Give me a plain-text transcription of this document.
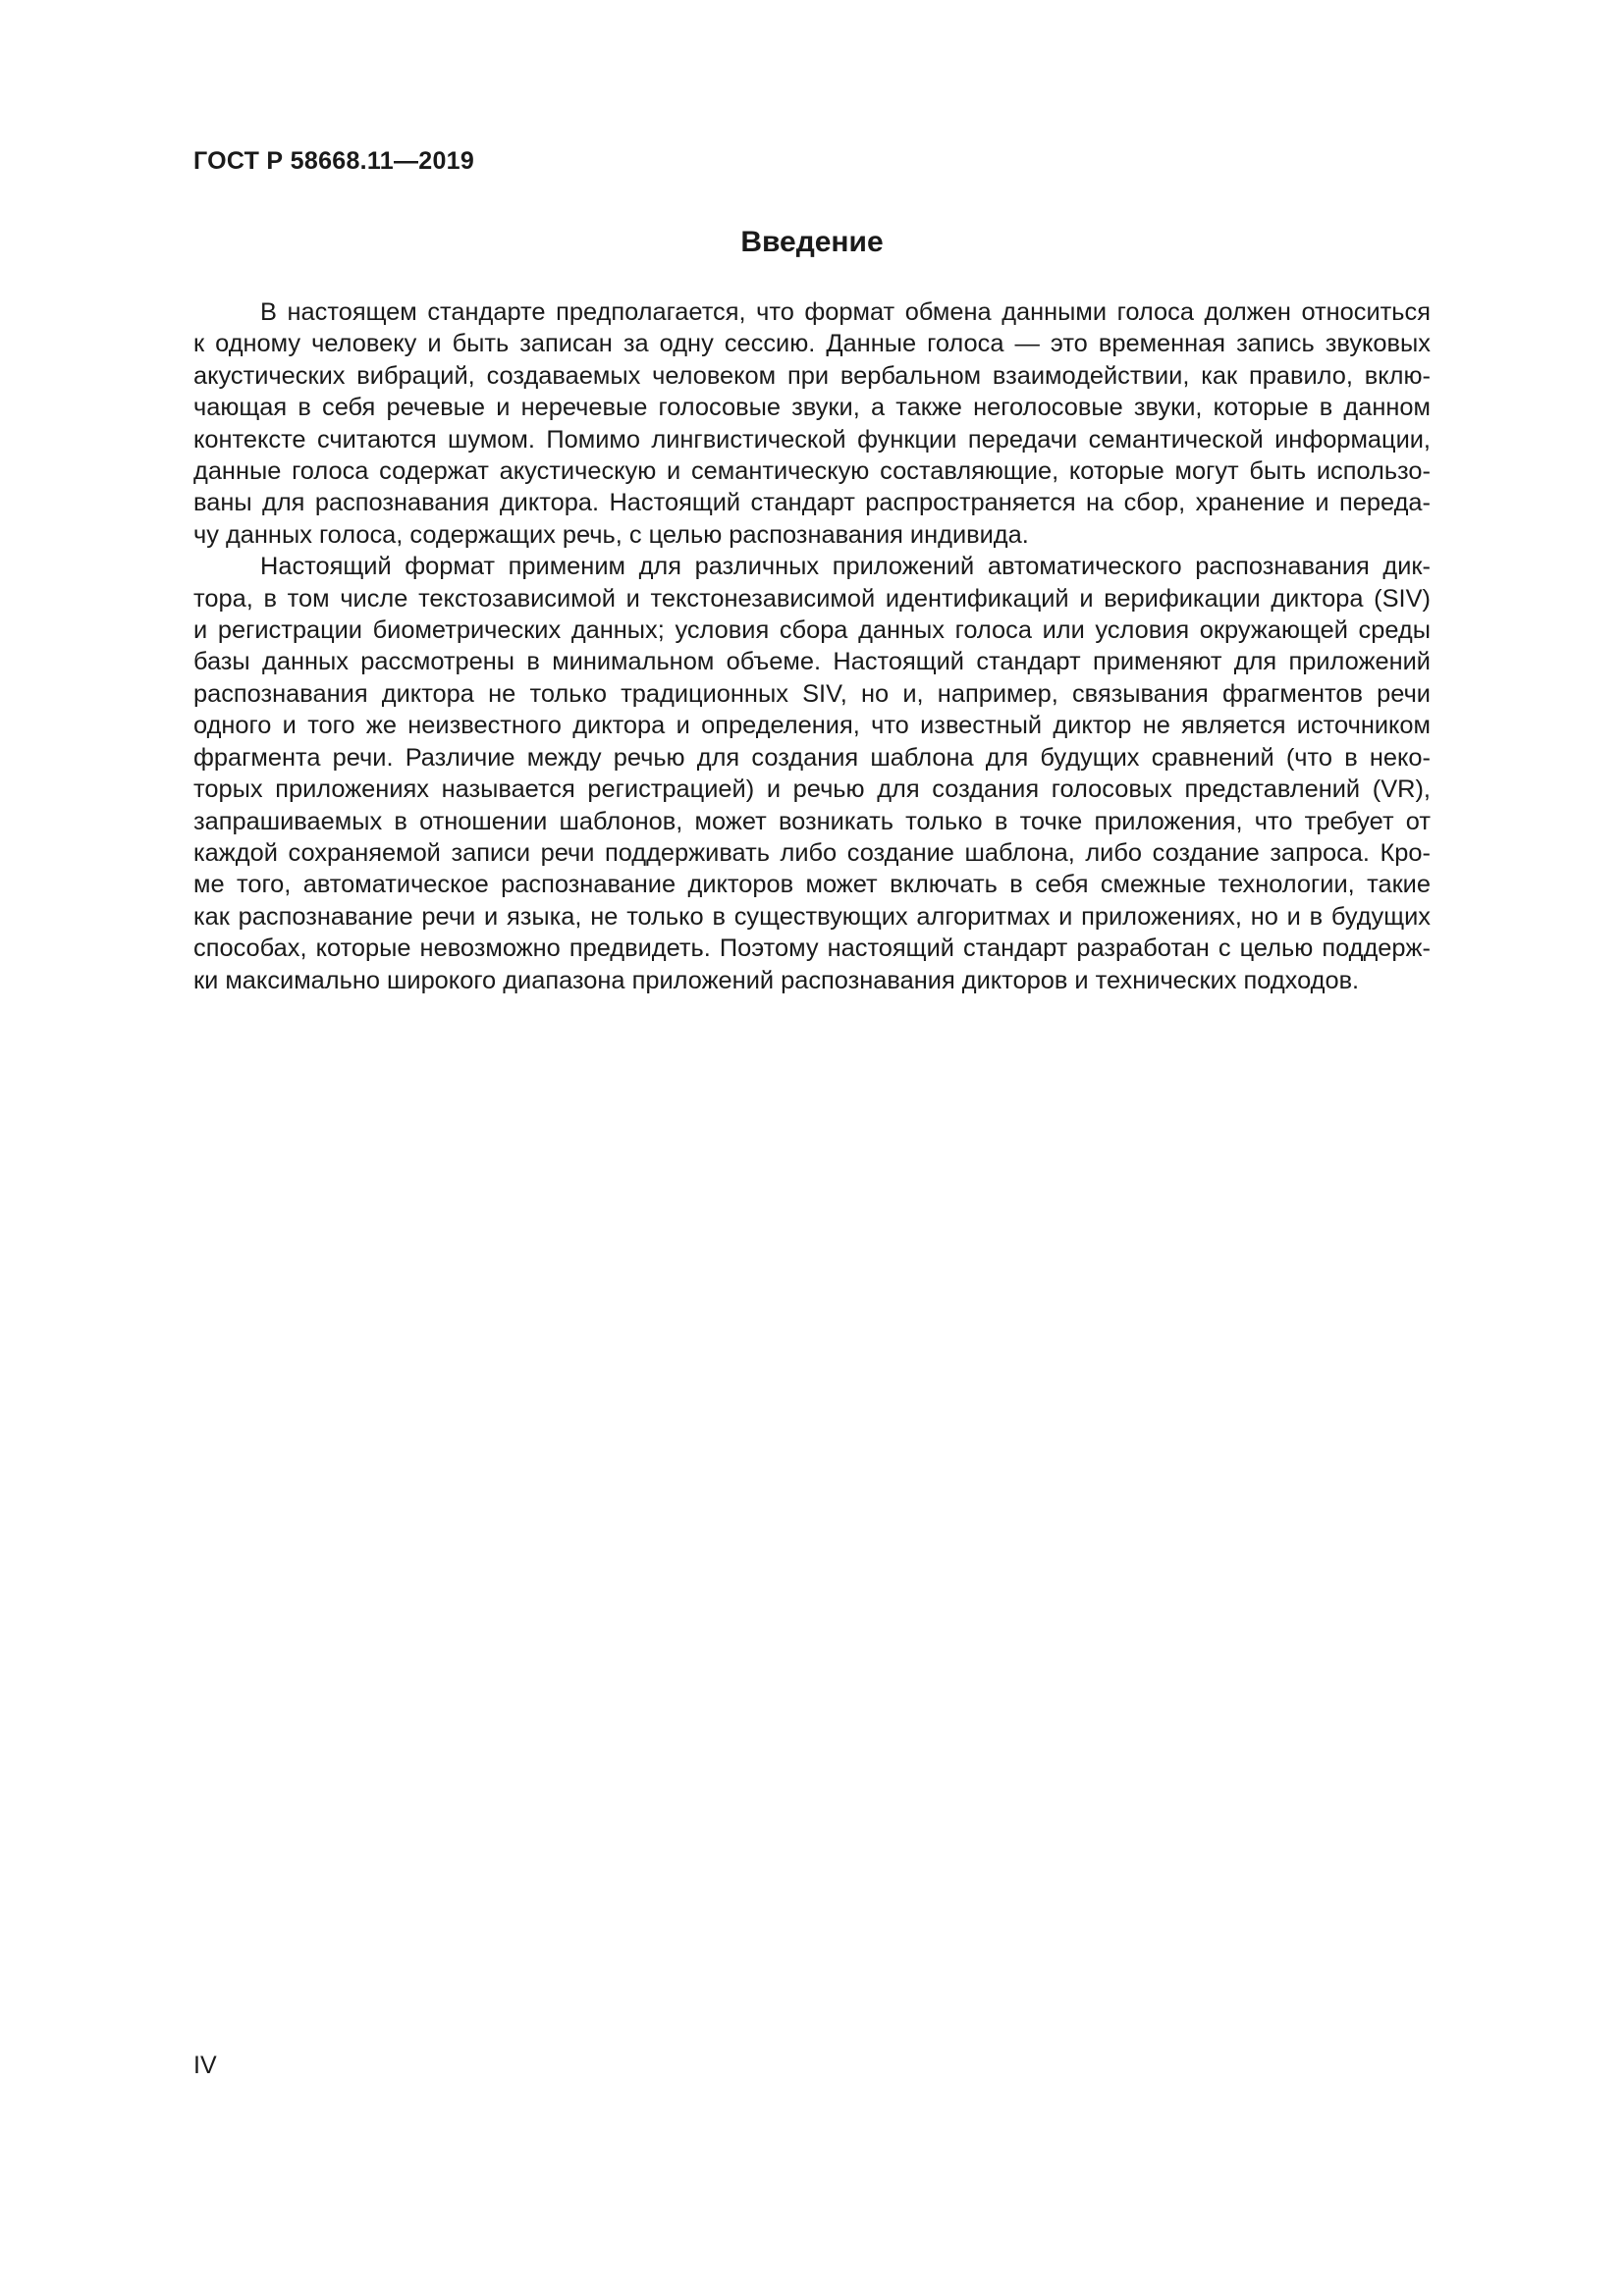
ГОСТ Р 58668.11—2019
Введение
В настоящем стандарте предполагается, что формат обмена данными голоса должен относиться
к одному человеку и быть записан за одну сессию. Данные голоса — это временная запись звуковых
акустических вибраций, создаваемых человеком при вербальном взаимодействии, как правило, вклю-
чающая в себя речевые и неречевые голосовые звуки, а также неголосовые звуки, которые в данном
контексте считаются шумом. Помимо лингвистической функции передачи семантической информации,
данные голоса содержат акустическую и семантическую составляющие, которые могут быть использо-
ваны для распознавания диктора. Настоящий стандарт распространяется на сбор, хранение и переда-
чу данных голоса, содержащих речь, с целью распознавания индивида.
Настоящий формат применим для различных приложений автоматического распознавания дик-
тора, в том числе текстозависимой и текстонезависимой идентификаций и верификации диктора (SIV)
и регистрации биометрических данных; условия сбора данных голоса или условия окружающей среды
базы данных рассмотрены в минимальном объеме. Настоящий стандарт применяют для приложений
распознавания диктора не только традиционных SIV, но и, например, связывания фрагментов речи
одного и того же неизвестного диктора и определения, что известный диктор не является источником
фрагмента речи. Различие между речью для создания шаблона для будущих сравнений (что в неко-
торых приложениях называется регистрацией) и речью для создания голосовых представлений (VR),
запрашиваемых в отношении шаблонов, может возникать только в точке приложения, что требует от
каждой сохраняемой записи речи поддерживать либо создание шаблона, либо создание запроса. Кро-
ме того, автоматическое распознавание дикторов может включать в себя смежные технологии, такие
как распознавание речи и языка, не только в существующих алгоритмах и приложениях, но и в будущих
способах, которые невозможно предвидеть. Поэтому настоящий стандарт разработан с целью поддерж-
ки максимально широкого диапазона приложений распознавания дикторов и технических подходов.
IV
